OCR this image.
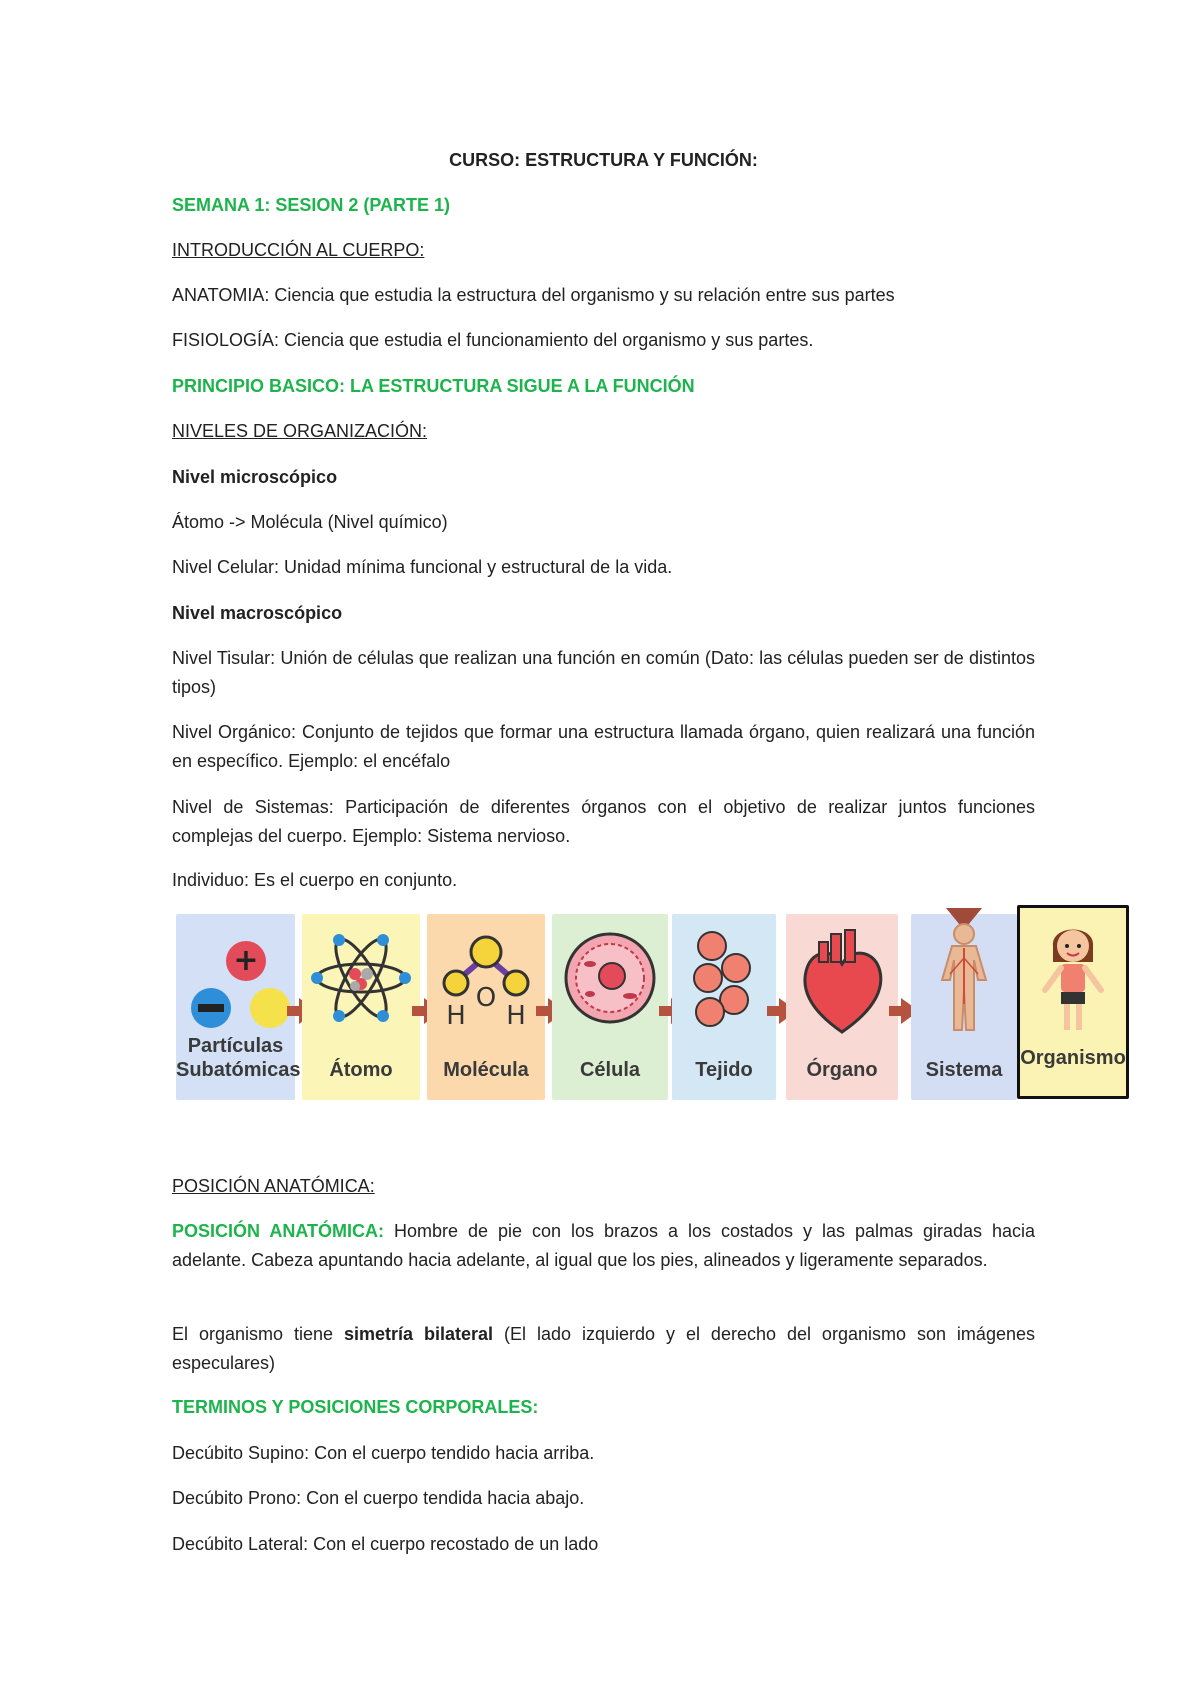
CURSO: ESTRUCTURA Y FUNCIÓN:

SEMANA 1: SESION 2 (PARTE 1)

INTRODUCCIÓN AL CUERPO:

ANATOMIA: Ciencia que estudia la estructura del organismo y su relación entre sus partes

FISIOLOGÍA: Ciencia que estudia el funcionamiento del organismo y sus partes.

PRINCIPIO BASICO: LA ESTRUCTURA SIGUE A LA FUNCIÓN

NIVELES DE ORGANIZACIÓN:

Nivel microscópico

Átomo -> Molécula (Nivel químico)

Nivel Celular: Unidad mínima funcional y estructural de la vida.

Nivel macroscópico

Nivel Tisular: Unión de células que realizan una función en común (Dato: las células pueden ser de distintos tipos)

Nivel Orgánico: Conjunto de tejidos que formar una estructura llamada órgano, quien realizará una función en específico. Ejemplo: el encéfalo

Nivel de Sistemas: Participación de diferentes órganos con el objetivo de realizar juntos funciones complejas del cuerpo. Ejemplo: Sistema nervioso.

Individuo: Es el cuerpo en conjunto.

POSICIÓN ANATÓMICA:

POSICIÓN ANATÓMICA: Hombre de pie con los brazos a los costados y las palmas giradas hacia adelante. Cabeza apuntando hacia adelante, al igual que los pies, alineados y ligeramente separados.

El organismo tiene simetría bilateral (El lado izquierdo y el derecho del organismo son imágenes especulares)

TERMINOS Y POSICIONES CORPORALES:

Decúbito Supino: Con el cuerpo tendido hacia arriba.

Decúbito Prono: Con el cuerpo tendida hacia abajo.

Decúbito Lateral: Con el cuerpo recostado de un lado

+
Partículas
Subatómicas	Átomo
H
O
H
Molécula	Célula	Tejido	Órgano	Sistema
Organismo
